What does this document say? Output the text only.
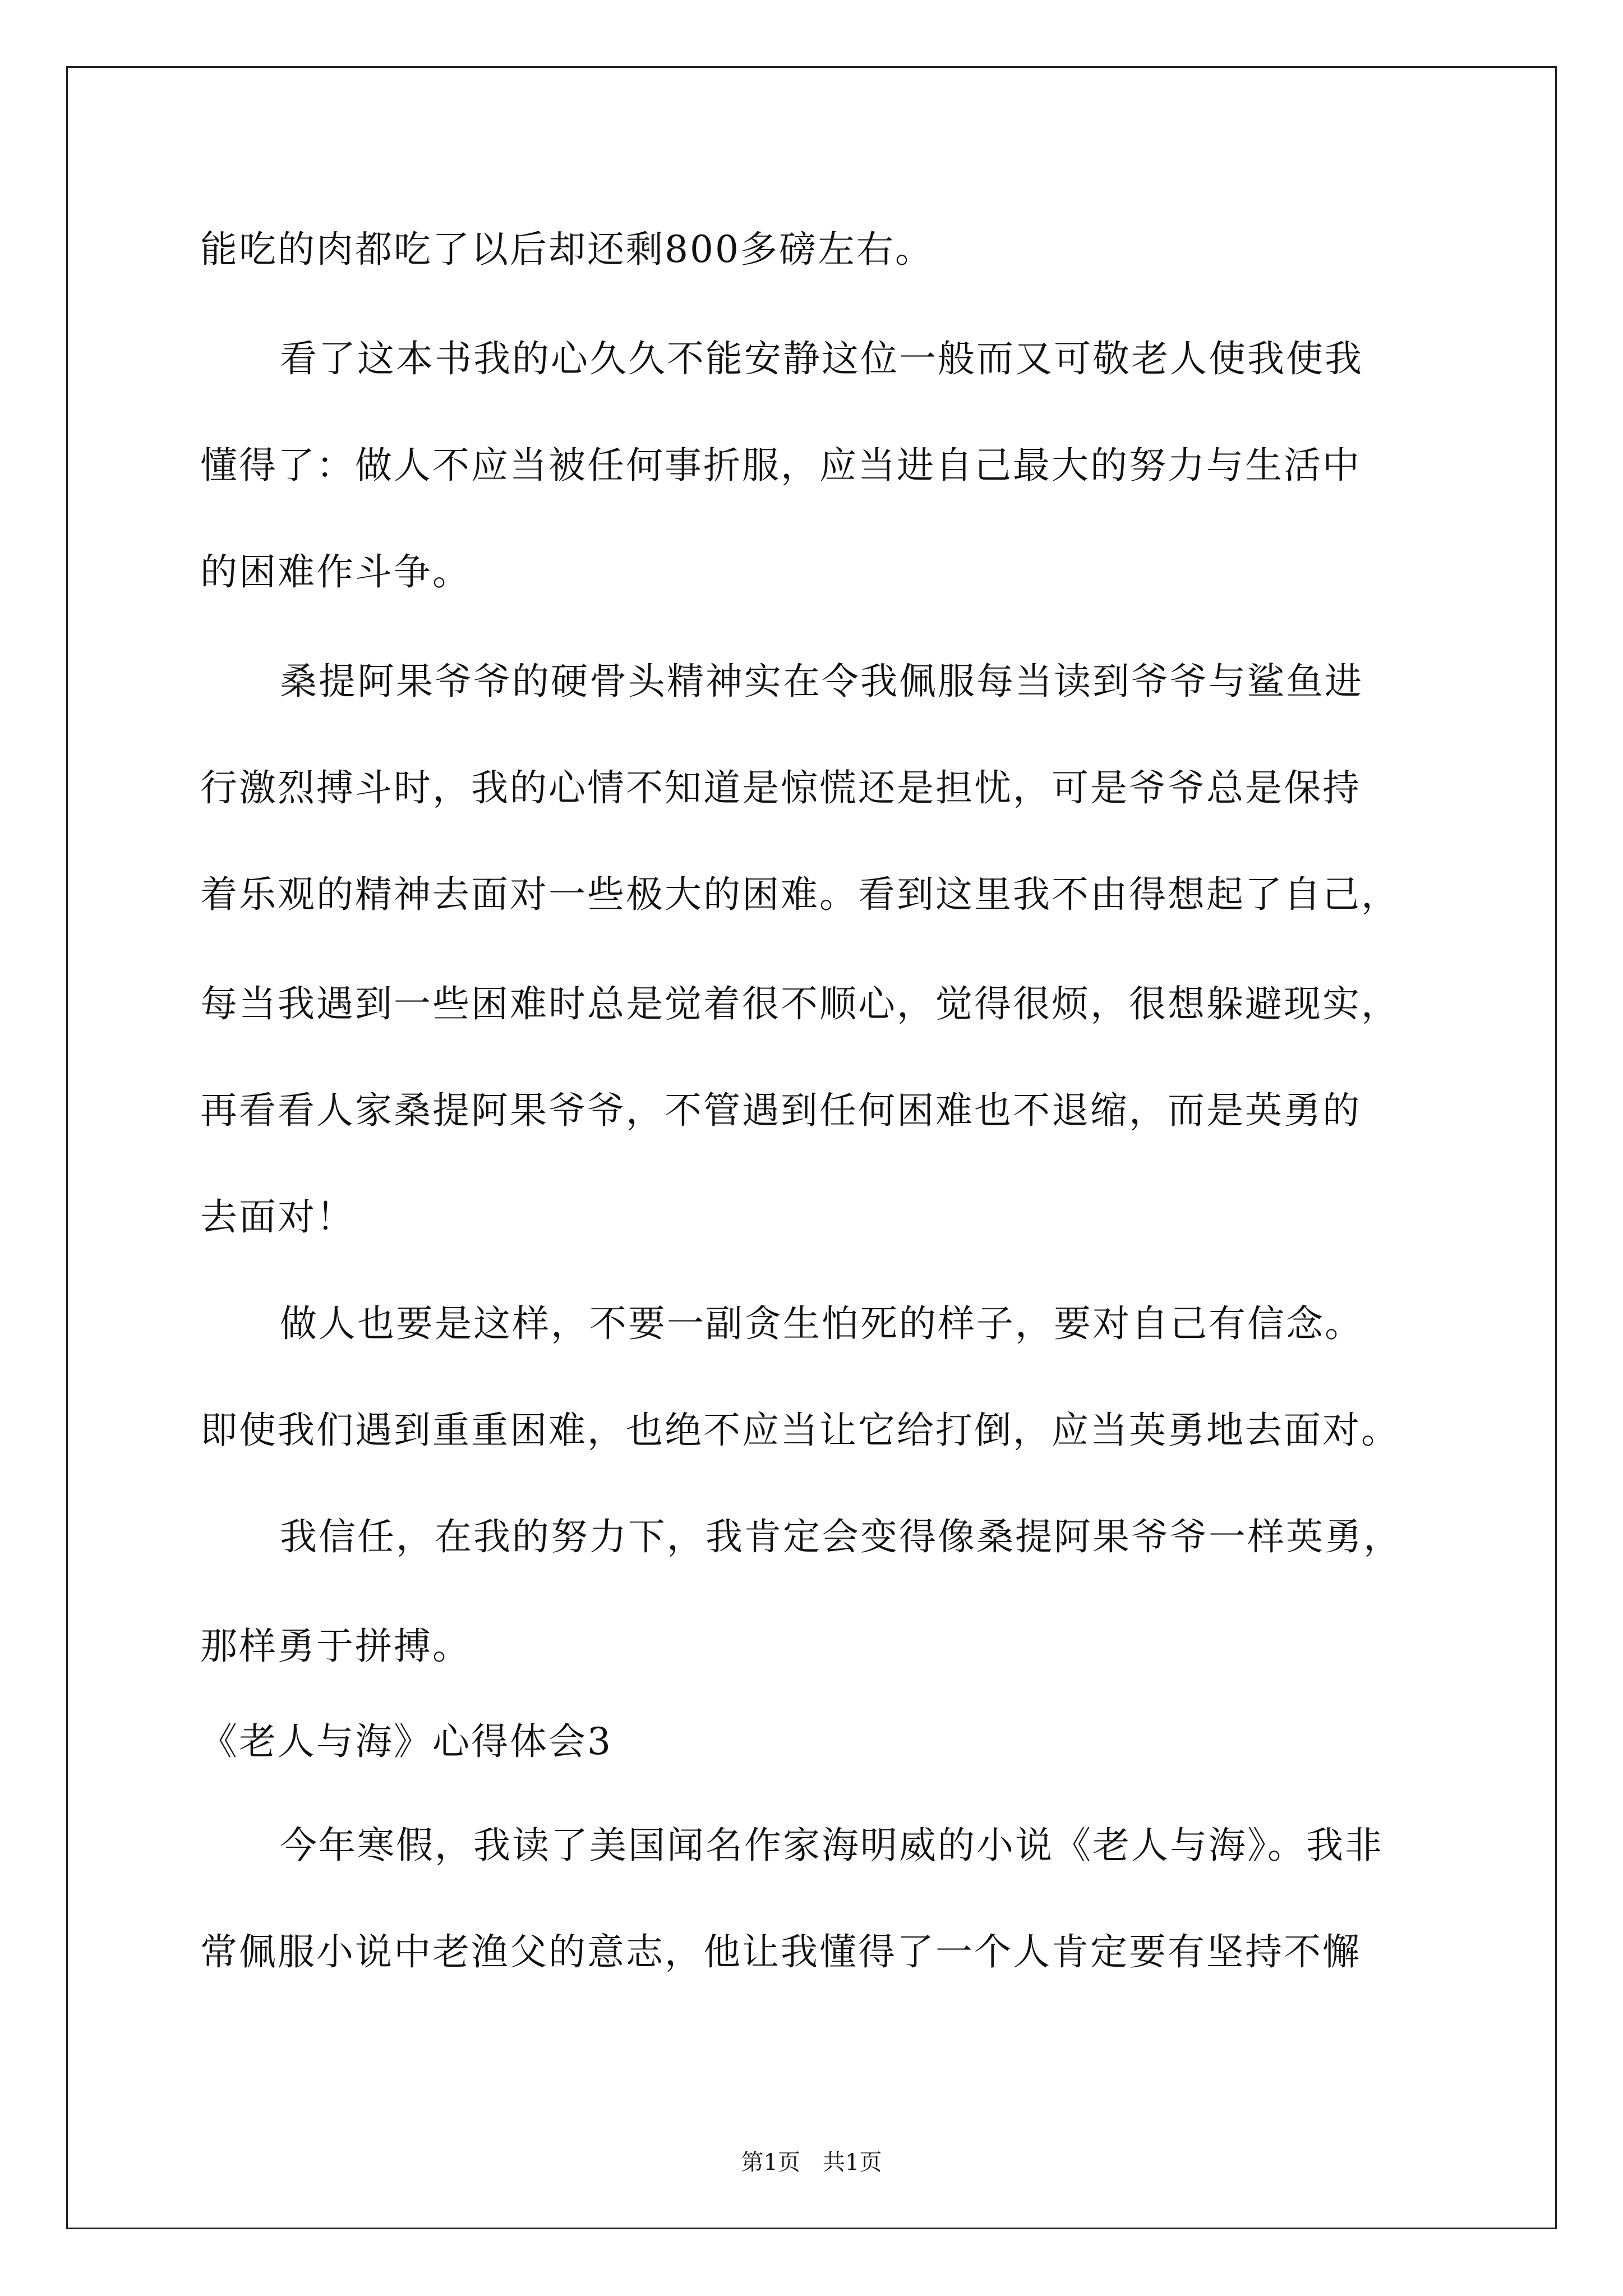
能吃的肉都吃了以后却还剩800多磅左右。
看了这本书我的心久久不能安静这位一般而又可敬老人使我使我
懂得了：做人不应当被任何事折服，应当进自己最大的努力与生活中
的困难作斗争。
桑提阿果爷爷的硬骨头精神实在令我佩服每当读到爷爷与鲨鱼进
行激烈搏斗时，我的心情不知道是惊慌还是担忧，可是爷爷总是保持
着乐观的精神去面对一些极大的困难。看到这里我不由得想起了自己，
每当我遇到一些困难时总是觉着很不顺心，觉得很烦，很想躲避现实，
再看看人家桑提阿果爷爷，不管遇到任何困难也不退缩，而是英勇的
去面对！
做人也要是这样，不要一副贪生怕死的样子，要对自己有信念。
即使我们遇到重重困难，也绝不应当让它给打倒，应当英勇地去面对。
我信任，在我的努力下，我肯定会变得像桑提阿果爷爷一样英勇，
那样勇于拼搏。
《老人与海》心得体会3
今年寒假，我读了美国闻名作家海明威的小说《老人与海》。我非
常佩服小说中老渔父的意志，他让我懂得了一个人肯定要有坚持不懈
第1页 共1页
